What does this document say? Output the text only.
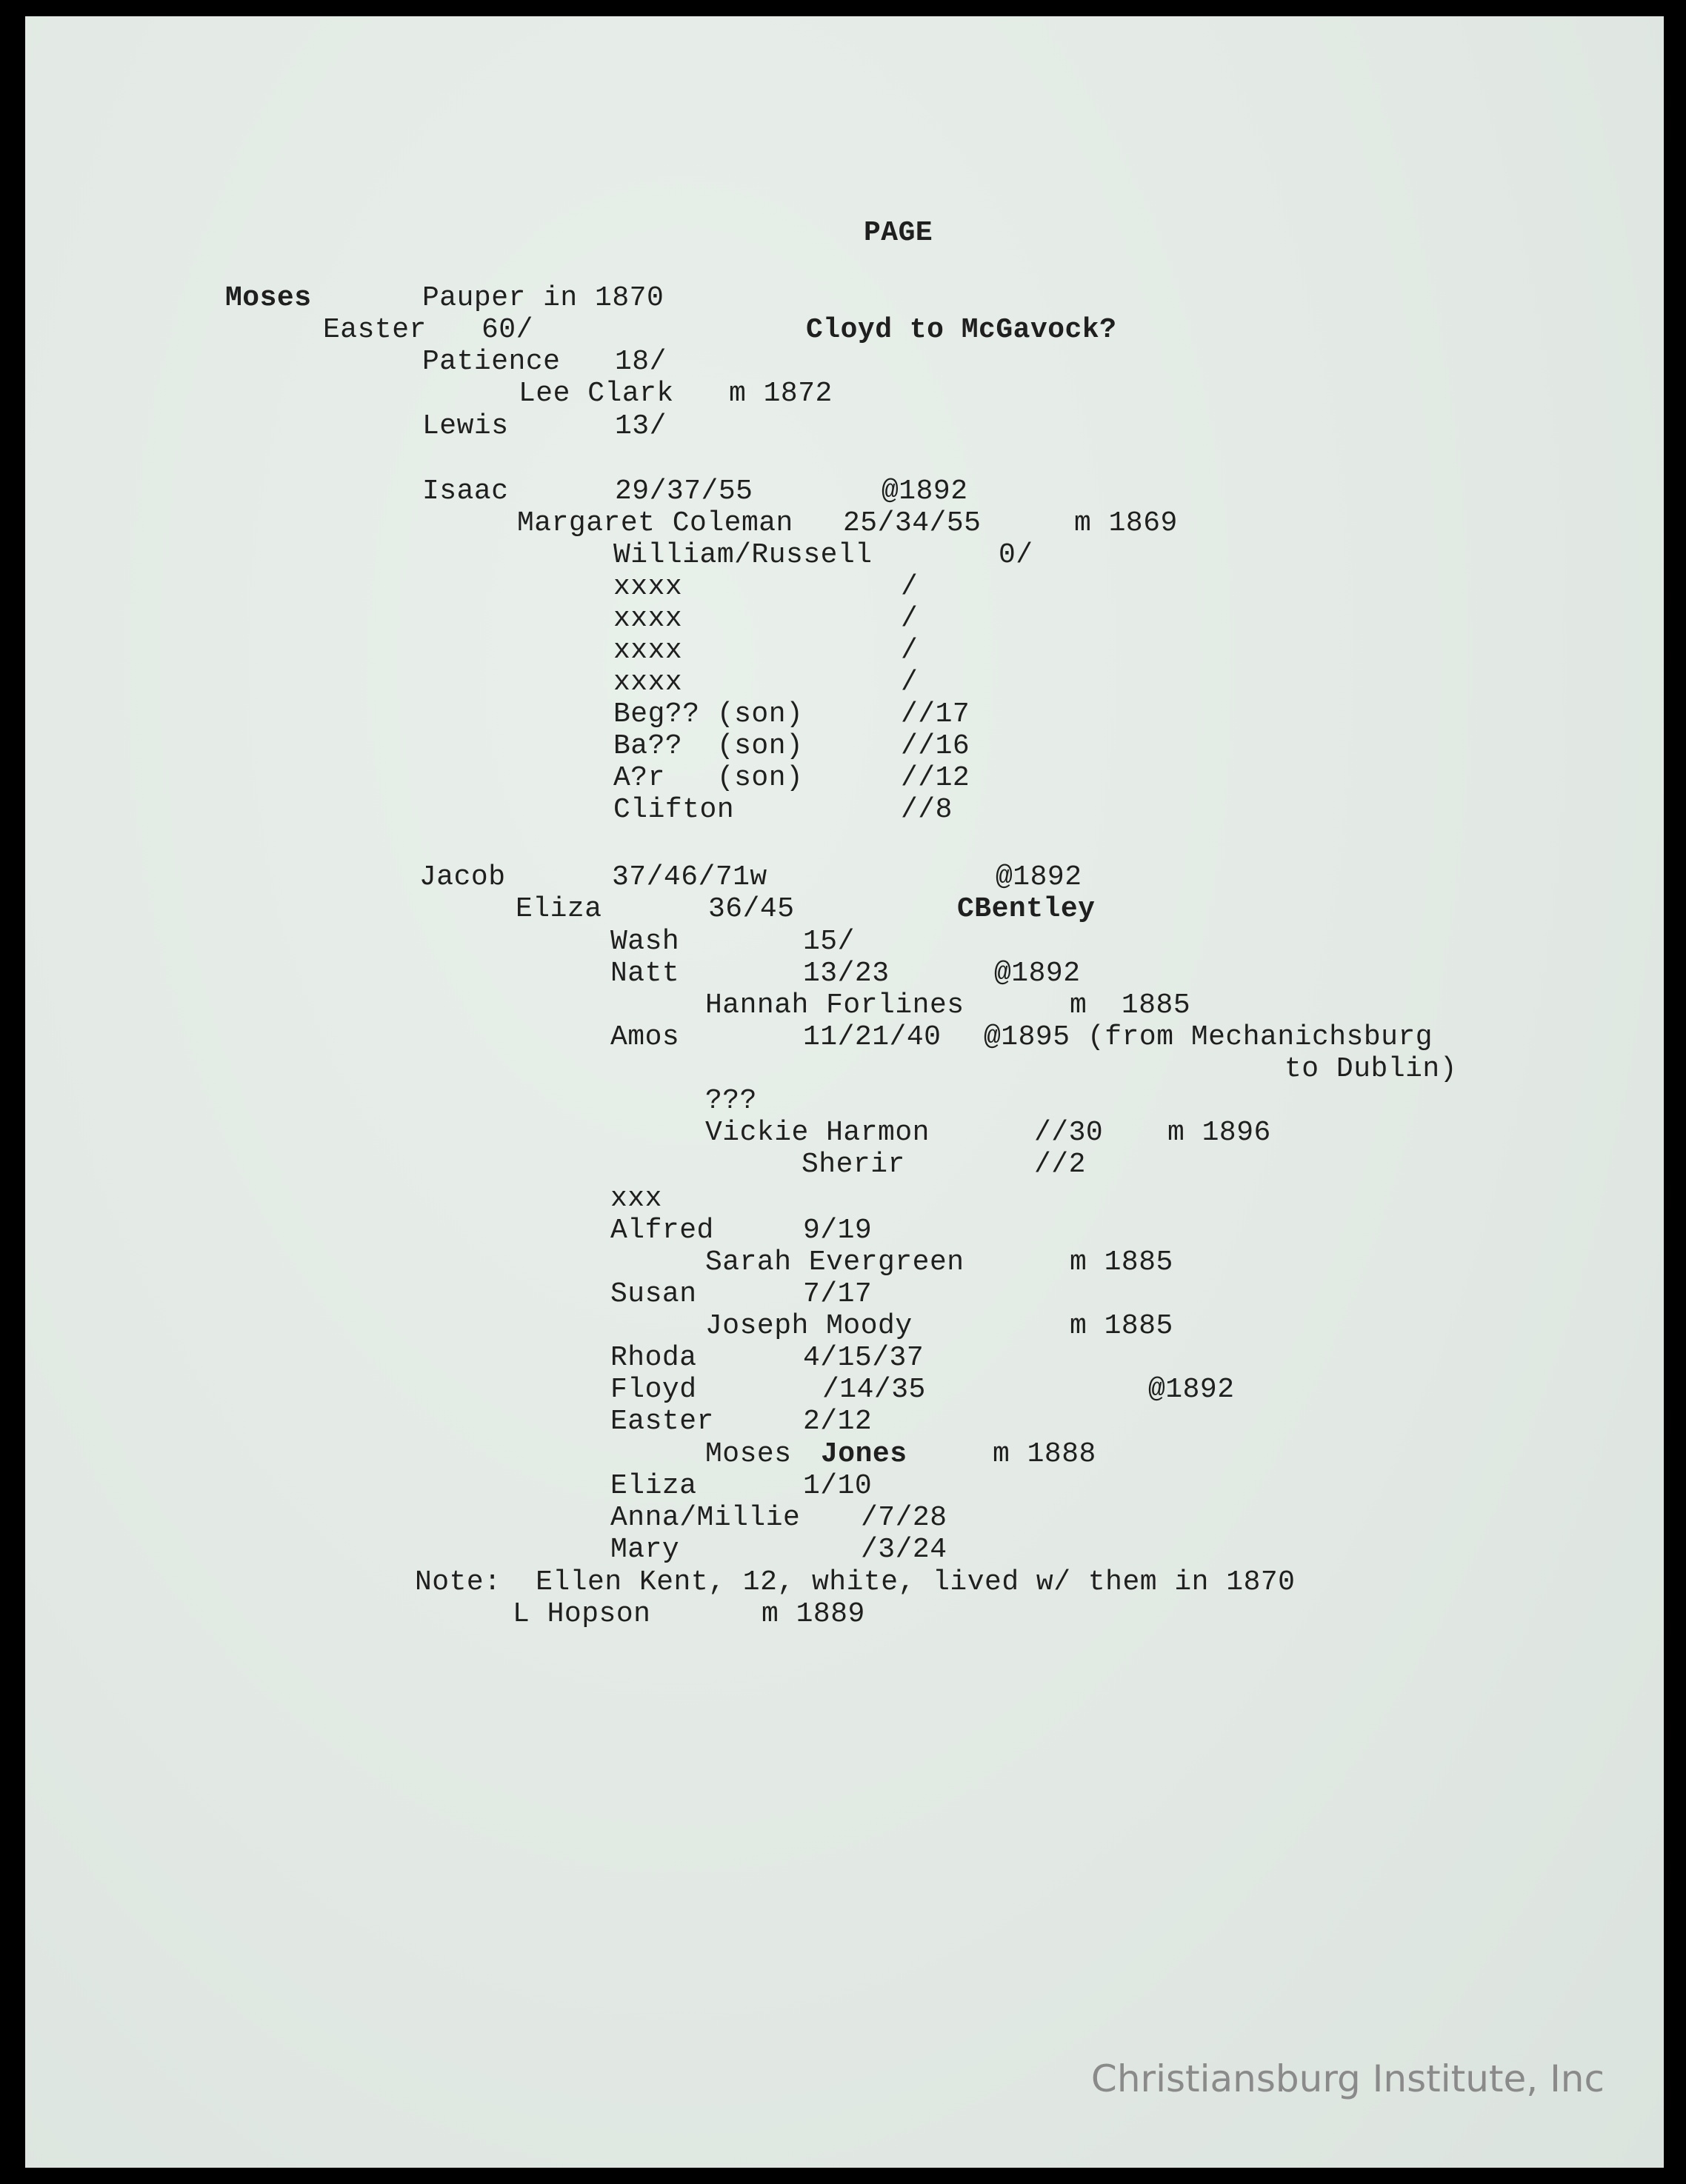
PAGE
Moses	Pauper in 1870
Easter 60/	Cloyd to McGavock?
Patience 18/
Lee Clark m 1872
Lewis	13/
Isaac	29/37/55	@1892
Margaret Coleman 25/34/55	m 1869
William/Russell	0/
xxxx	/
xxxx	/
xxxx	/
xxxx	/
Beg?? (son)	//17
Ba??  (son)	//16
A?r   (son)	//12
Clifton	//8
Jacob	37/46/71w	@1892
Eliza	36/45	CBentley
Wash	15/
Natt	13/23	@1892
Hannah Forlines	m  1885
Amos	11/21/40 @1895 (from Mechanichsburg
to Dublin)
???
Vickie Harmon	//30 m 1896
Sherir	//2
xxx
Alfred	9/19
Sarah Evergreen	m 1885
Susan	7/17
Joseph Moody	m 1885
Rhoda	4/15/37
Floyd	/14/35	@1892
Easter	2/12
Moses Jones	m 1888
Eliza	1/10
Anna/Millie /7/28
Mary	/3/24
Note:  Ellen Kent, 12, white, lived w/ them in 1870
L Hopson	m 1889
Christiansburg Institute, Inc
